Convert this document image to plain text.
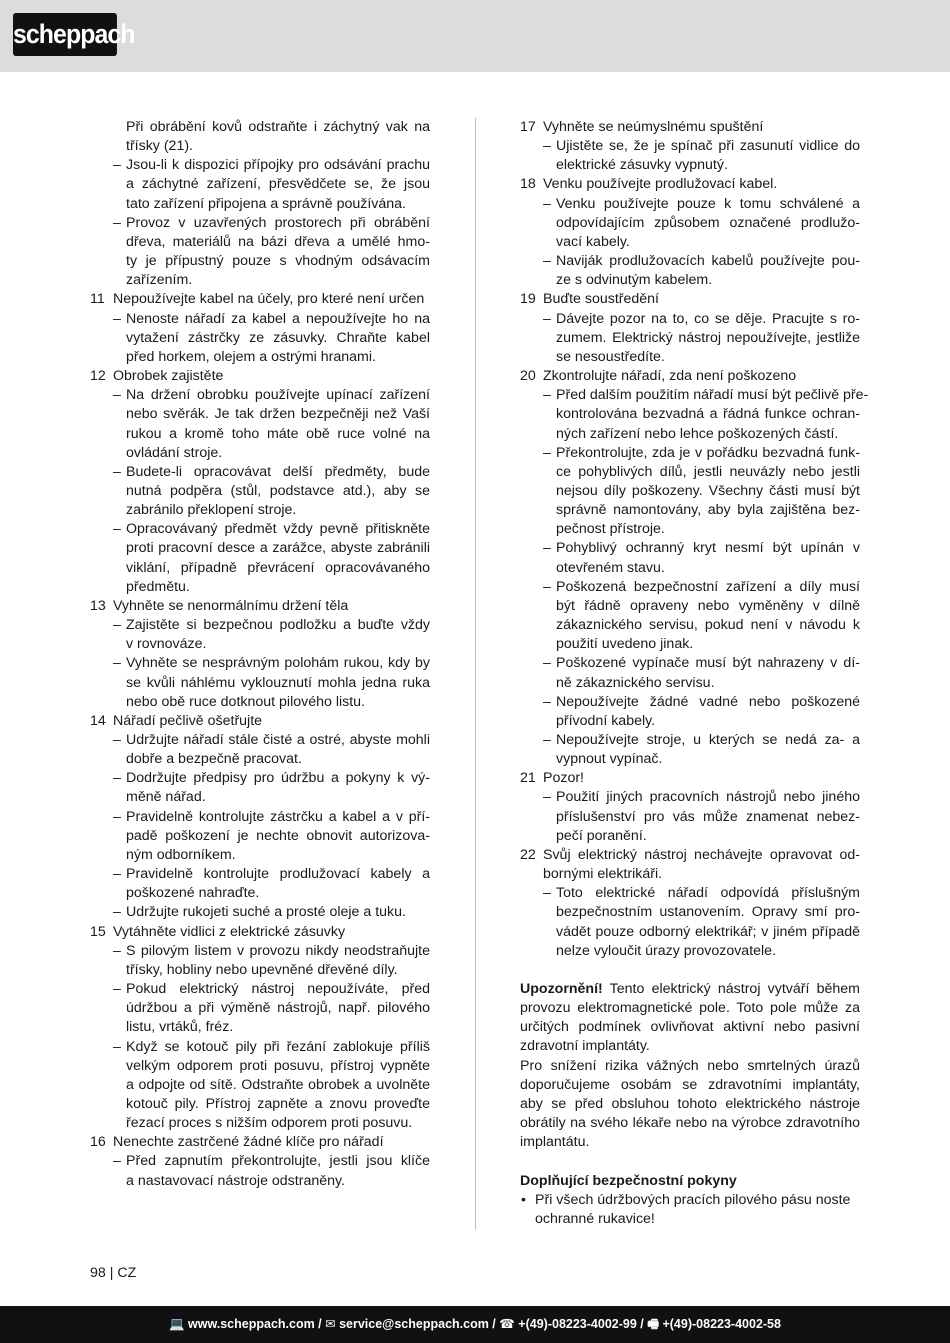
scheppach
Při obrábění kovů odstraňte i záchytný vak na
třísky (21).
– Jsou-li k dispozici přípojky pro odsávání prachu
a záchytné zařízení, přesvědčete se, že jsou
tato zařízení připojena a správně používána.
– Provoz v uzavřených prostorech při obrábění
dřeva, materiálů na bázi dřeva a umělé hmo-
ty je přípustný pouze s vhodným odsávacím
zařízením.
11 Nepoužívejte kabel na účely, pro které není určen
– Nenoste nářadí za kabel a nepoužívejte ho na
vytažení zástrčky ze zásuvky. Chraňte kabel
před horkem, olejem a ostrými hranami.
12 Obrobek zajistěte
– Na držení obrobku používejte upínací zařízení
nebo svěrák. Je tak držen bezpečněji než Vaší
rukou a kromě toho máte obě ruce volné na
ovládání stroje.
– Budete-li opracovávat delší předměty, bude
nutná podpěra (stůl, podstavce atd.), aby se
zabránilo překlopení stroje.
– Opracovávaný předmět vždy pevně přitiskněte
proti pracovní desce a zarážce, abyste zabránili
viklání, případně převrácení opracovávaného
předmětu.
13 Vyhněte se nenormálnímu držení těla
– Zajistěte si bezpečnou podložku a buďte vždy
v rovnováze.
– Vyhněte se nesprávným polohám rukou, kdy by
se kvůli náhlému vyklouznutí mohla jedna ruka
nebo obě ruce dotknout pilového listu.
14 Nářadí pečlivě ošetřujte
– Udržujte nářadí stále čisté a ostré, abyste mohli
dobře a bezpečně pracovat.
– Dodržujte předpisy pro údržbu a pokyny k vý-
měně nářad.
– Pravidelně kontrolujte zástrčku a kabel a v pří-
padě poškození je nechte obnovit autorizova-
ným odborníkem.
– Pravidelně kontrolujte prodlužovací kabely a
poškozené nahraďte.
– Udržujte rukojeti suché a prosté oleje a tuku.
15 Vytáhněte vidlici z elektrické zásuvky
– S pilovým listem v provozu nikdy neodstraňujte
třísky, hobliny nebo upevněné dřevěné díly.
– Pokud elektrický nástroj nepoužíváte, před
údržbou a při výměně nástrojů, např. pilového
listu, vrtáků, fréz.
– Když se kotouč pily při řezání zablokuje příliš
velkým odporem proti posuvu, přístroj vypněte
a odpojte od sítě. Odstraňte obrobek a uvolněte
kotouč pily. Přístroj zapněte a znovu proveďte
řezací proces s nižším odporem proti posuvu.
16 Nenechte zastrčené žádné klíče pro nářadí
– Před zapnutím překontrolujte, jestli jsou klíče
a nastavovací nástroje odstraněny.
17 Vyhněte se neúmyslnému spuštění
– Ujistěte se, že je spínač při zasunutí vidlice do
elektrické zásuvky vypnutý.
18 Venku používejte prodlužovací kabel.
– Venku používejte pouze k tomu schválené a
odpovídajícím způsobem označené prodlužo-
vací kabely.
– Naviják prodlužovacích kabelů používejte pou-
ze s odvinutým kabelem.
19 Buďte soustředění
– Dávejte pozor na to, co se děje. Pracujte s ro-
zumem. Elektrický nástroj nepoužívejte, jestliže
se nesoustředíte.
20 Zkontrolujte nářadí, zda není poškozeno
– Před dalším použitím nářadí musí být pečlivě pře-
kontrolována bezvadná a řádná funkce ochran-
ných zařízení nebo lehce poškozených částí.
– Překontrolujte, zda je v pořádku bezvadná funk-
ce pohyblivých dílů, jestli neuvázly nebo jestli
nejsou díly poškozeny. Všechny části musí být
správně namontovány, aby byla zajištěna bez-
pečnost přístroje.
– Pohyblivý ochranný kryt nesmí být upínán v
otevřeném stavu.
– Poškozená bezpečnostní zařízení a díly musí
být řádně opraveny nebo vyměněny v dílně
zákaznického servisu, pokud není v návodu k
použití uvedeno jinak.
– Poškozené vypínače musí být nahrazeny v dí-
ně zákaznického servisu.
– Nepoužívejte žádné vadné nebo poškozené
přívodní kabely.
– Nepoužívejte stroje, u kterých se nedá za- a
vypnout vypínač.
21 Pozor!
– Použití jiných pracovních nástrojů nebo jiného
příslušenství pro vás může znamenat nebez-
pečí poranění.
22 Svůj elektrický nástroj nechávejte opravovat od-
bornými elektrikáři.
– Toto elektrické nářadí odpovídá příslušným
bezpečnostním ustanovením. Opravy smí pro-
vádět pouze odborný elektrikář; v jiném případě
nelze vyloučit úrazy provozovatele.
Upozornění! Tento elektrický nástroj vytváří během
provozu elektromagnetické pole. Toto pole může za
určitých podmínek ovlivňovat aktivní nebo pasivní
zdravotní implantáty.
Pro snížení rizika vážných nebo smrtelných úrazů
doporučujeme osobám se zdravotními implantáty,
aby se před obsluhou tohoto elektrického nástroje
obrátily na svého lékaře nebo na výrobce zdravotního
implantátu.
Doplňující bezpečnostní pokyny
• Při všech údržbových pracích pilového pásu noste
ochranné rukavice!
98 | CZ
💻 www.scheppach.com / ✉ service@scheppach.com / ☎ +(49)-08223-4002-99 / 🖷 +(49)-08223-4002-58
